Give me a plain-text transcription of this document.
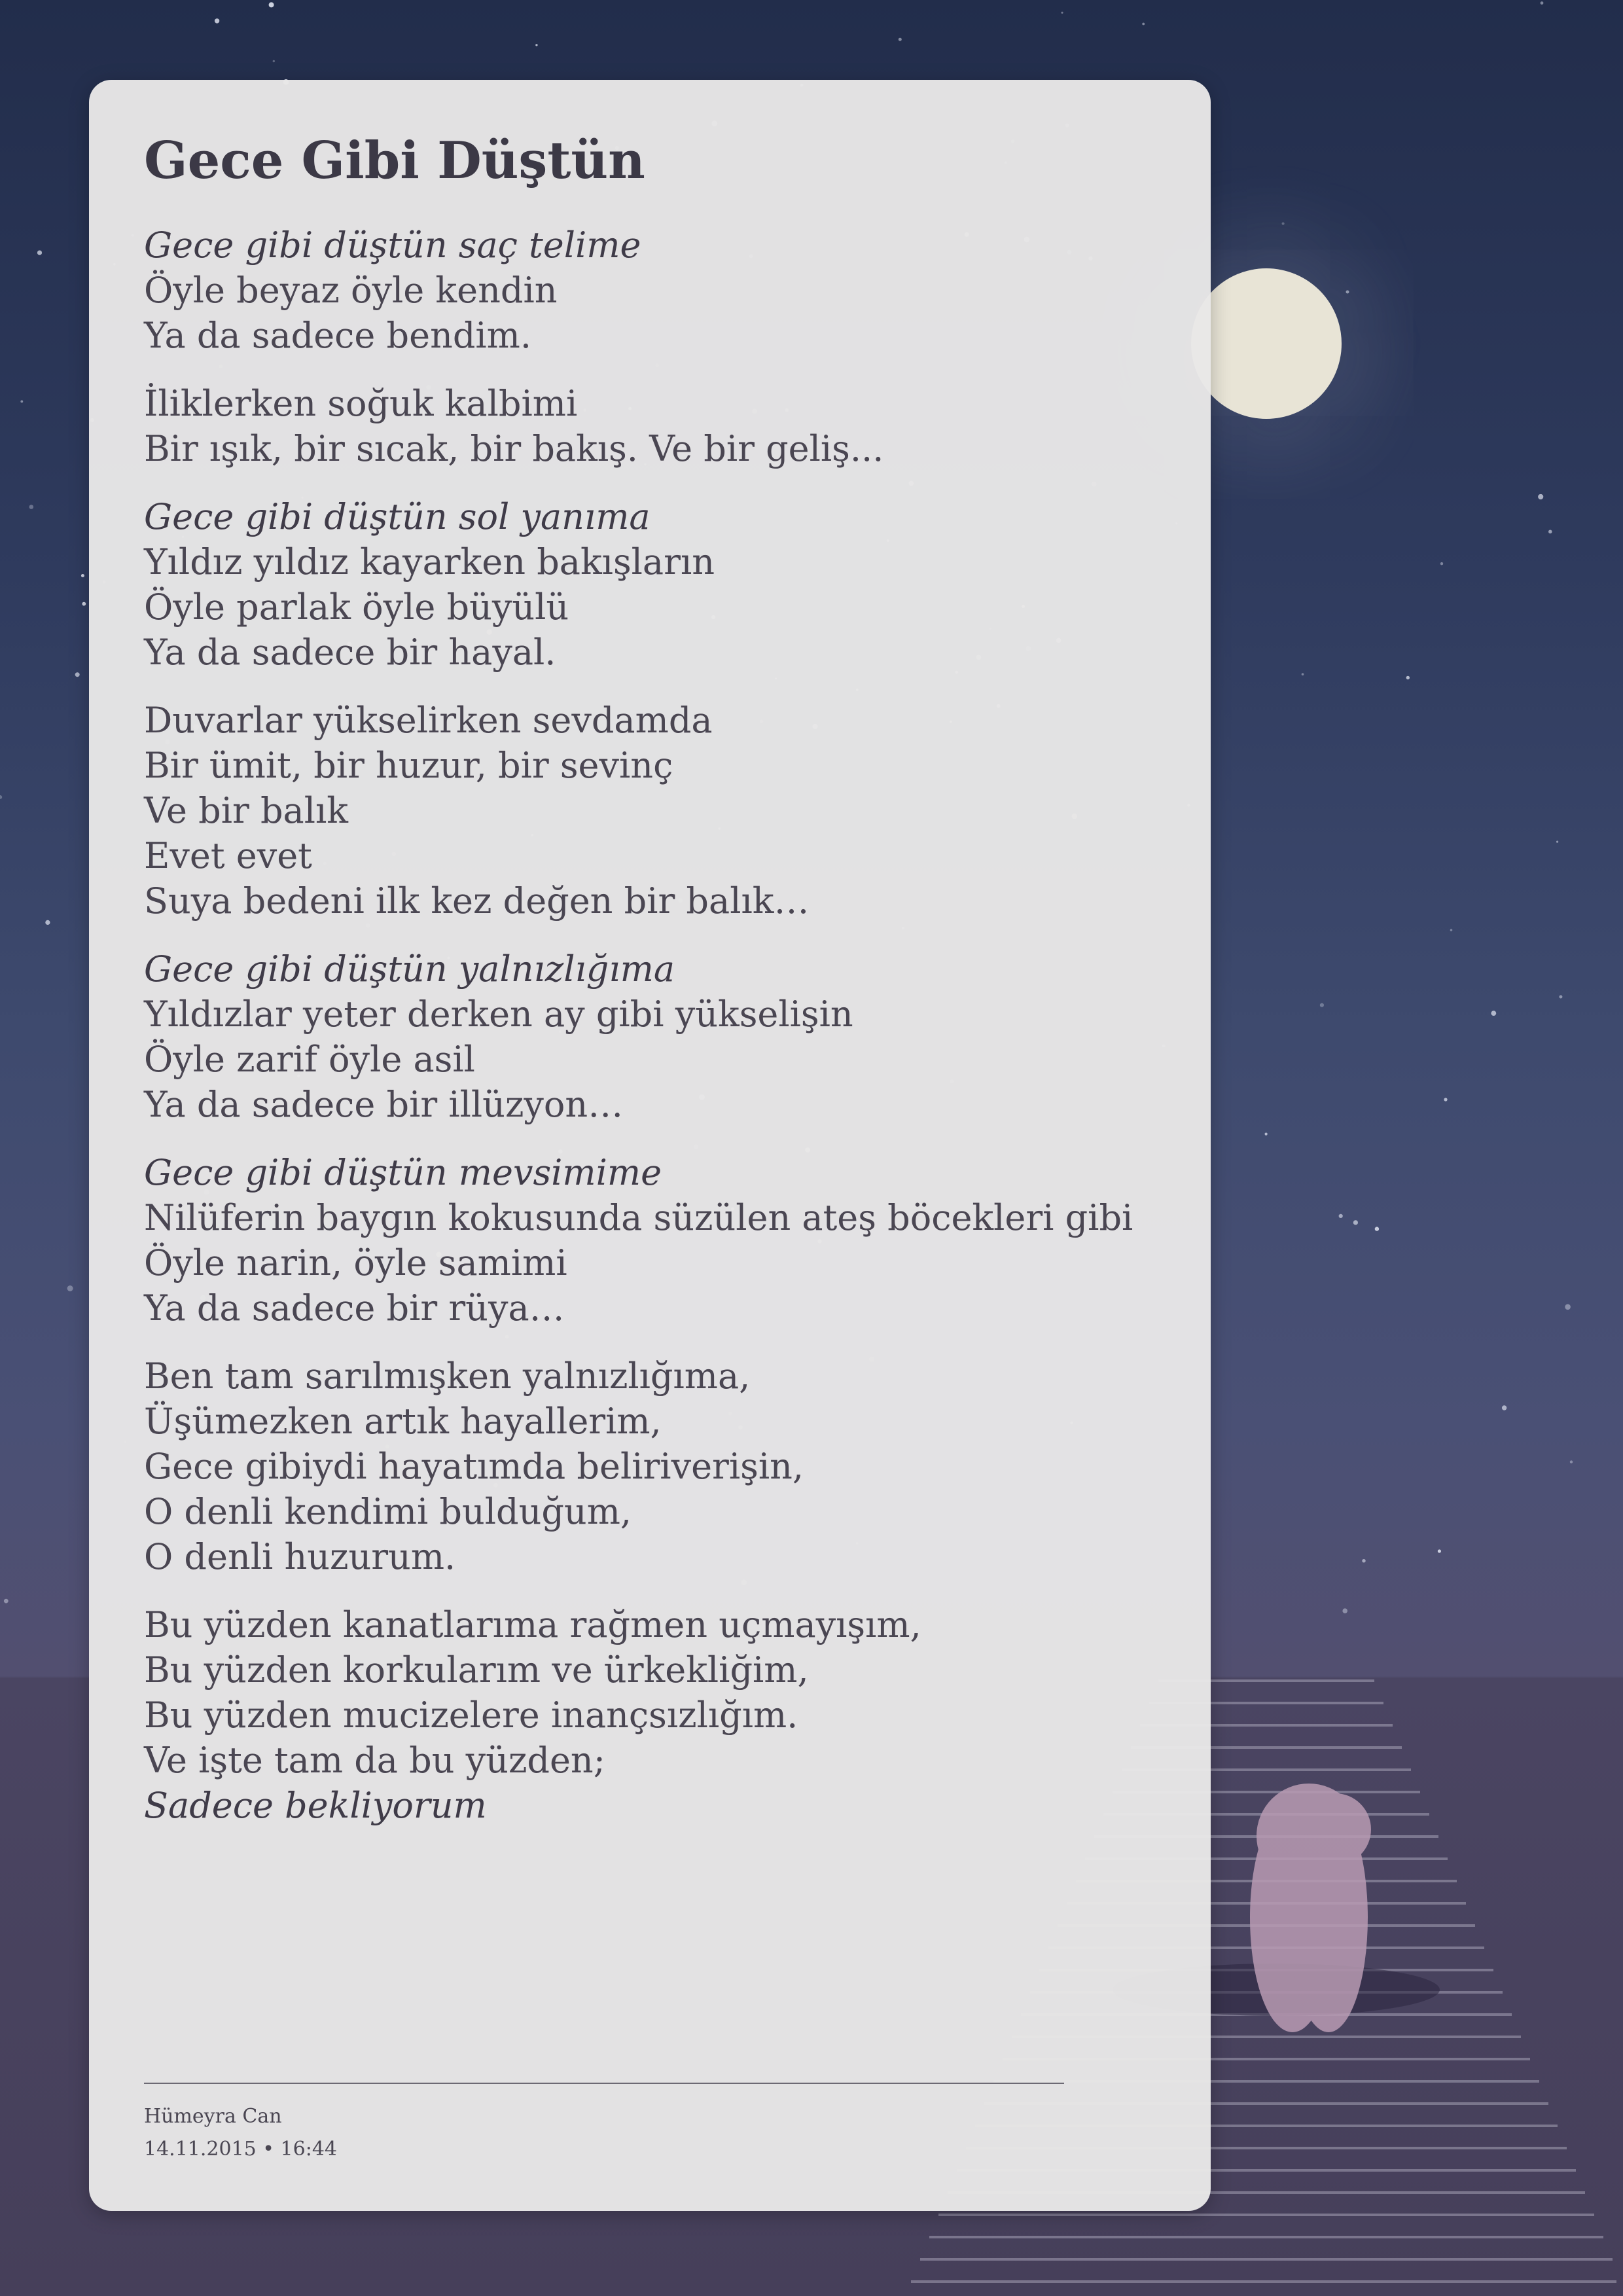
Gece Gibi Düştün
Gece gibi düştün saç telime
Öyle beyaz öyle kendin
Ya da sadece bendim.
İliklerken soğuk kalbimi
Bir ışık, bir sıcak, bir bakış. Ve bir geliş...
Gece gibi düştün sol yanıma
Yıldız yıldız kayarken bakışların
Öyle parlak öyle büyülü
Ya da sadece bir hayal.
Duvarlar yükselirken sevdamda
Bir ümit, bir huzur, bir sevinç
Ve bir balık
Evet evet
Suya bedeni ilk kez değen bir balık…
Gece gibi düştün yalnızlığıma
Yıldızlar yeter derken ay gibi yükselişin
Öyle zarif öyle asil
Ya da sadece bir illüzyon…
Gece gibi düştün mevsimime
Nilüferin baygın kokusunda süzülen ateş böcekleri gibi
Öyle narin, öyle samimi
Ya da sadece bir rüya…
Ben tam sarılmışken yalnızlığıma,
Üşümezken artık hayallerim,
Gece gibiydi hayatımda beliriverişin,
O denli kendimi bulduğum,
O denli huzurum.
Bu yüzden kanatlarıma rağmen uçmayışım,
Bu yüzden korkularım ve ürkekliğim,
Bu yüzden mucizelere inançsızlığım.
Ve işte tam da bu yüzden;
Sadece bekliyorum
Hümeyra Can
14.11.2015 • 16:44
